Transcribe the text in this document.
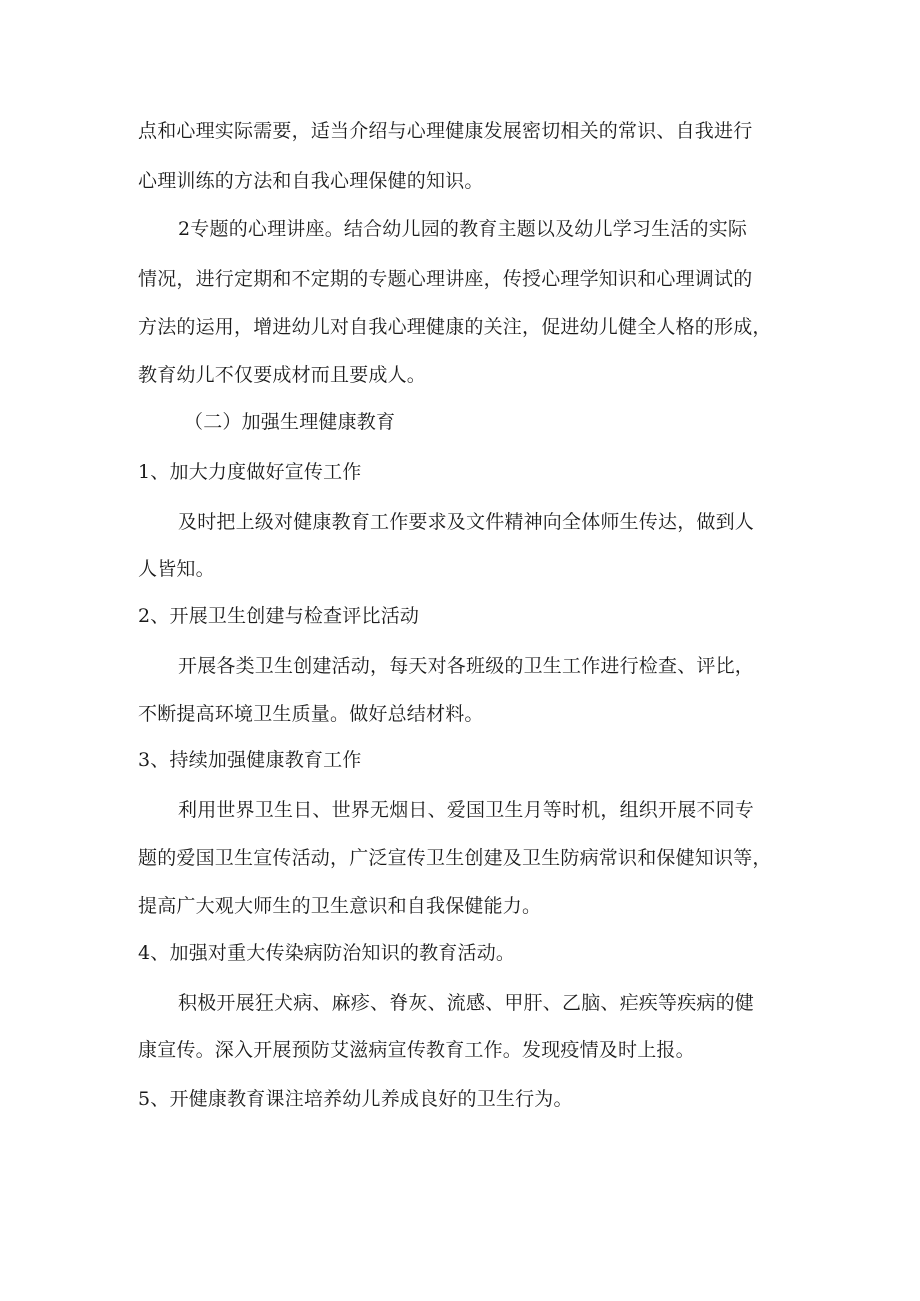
点和心理实际需要，适当介绍与心理健康发展密切相关的常识、自我进行
心理训练的方法和自我心理保健的知识。
2专题的心理讲座。结合幼儿园的教育主题以及幼儿学习生活的实际
情况，进行定期和不定期的专题心理讲座，传授心理学知识和心理调试的
方法的运用，增进幼儿对自我心理健康的关注，促进幼儿健全人格的形成，
教育幼儿不仅要成材而且要成人。
（二）加强生理健康教育
1、加大力度做好宣传工作
及时把上级对健康教育工作要求及文件精神向全体师生传达，做到人
人皆知。
2、开展卫生创建与检查评比活动
开展各类卫生创建活动，每天对各班级的卫生工作进行检查、评比，
不断提高环境卫生质量。做好总结材料。
3、持续加强健康教育工作
利用世界卫生日、世界无烟日、爱国卫生月等时机，组织开展不同专
题的爱国卫生宣传活动，广泛宣传卫生创建及卫生防病常识和保健知识等，
提高广大观大师生的卫生意识和自我保健能力。
4、加强对重大传染病防治知识的教育活动。
积极开展狂犬病、麻疹、脊灰、流感、甲肝、乙脑、疟疾等疾病的健
康宣传。深入开展预防艾滋病宣传教育工作。发现疫情及时上报。
5、开健康教育课注培养幼儿养成良好的卫生行为。
